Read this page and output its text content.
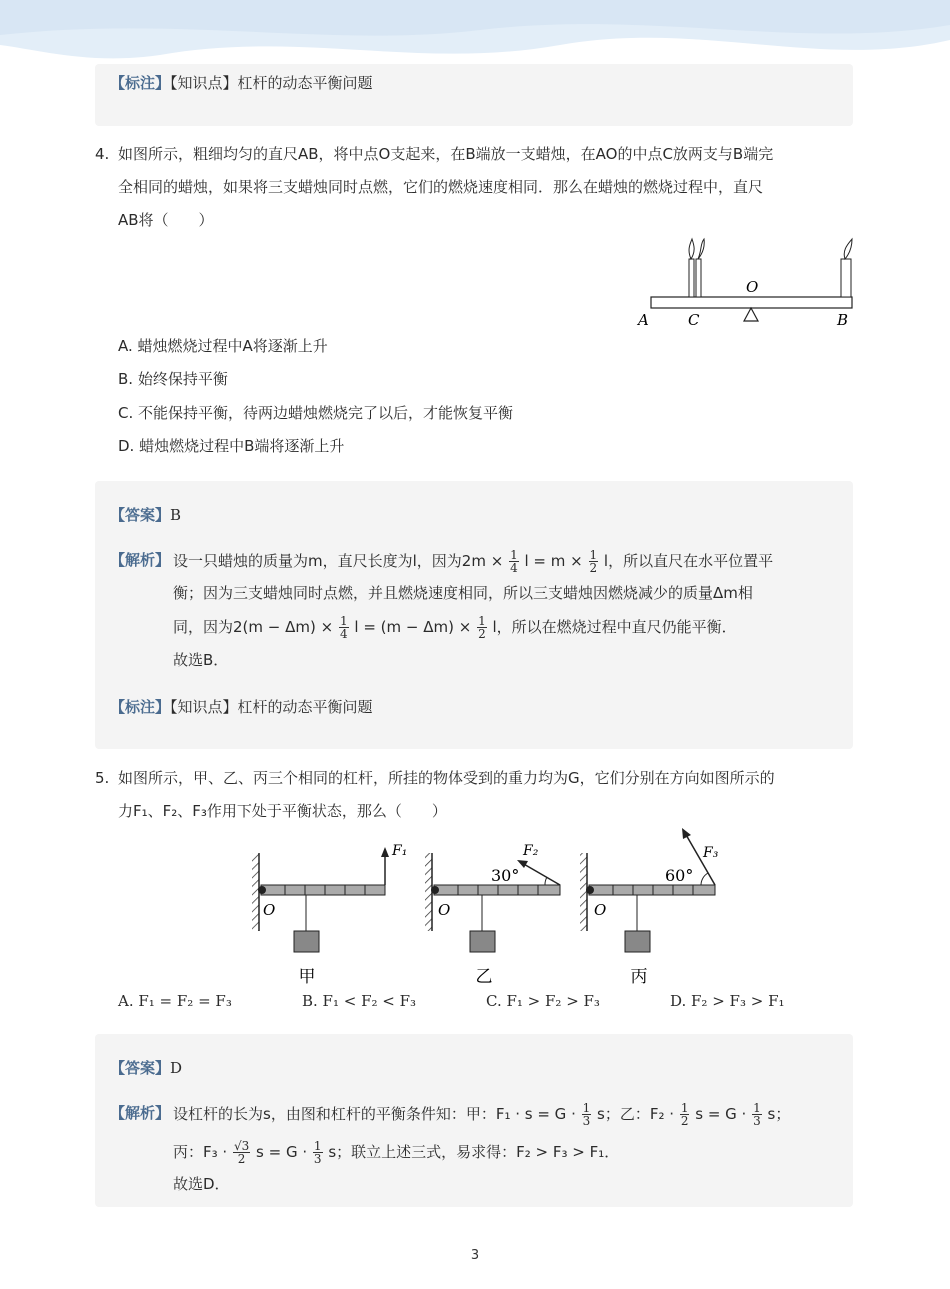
【标注】【知识点】杠杆的动态平衡问题
4. 如图所示，粗细均匀的直尺AB，将中点O支起来，在B端放一支蜡烛，在AO的中点C放两支与B端完
全相同的蜡烛，如果将三支蜡烛同时点燃，它们的燃烧速度相同．那么在蜡烛的燃烧过程中，直尺
AB将（　　）
A	C
O
B
A. 蜡烛燃烧过程中A将逐渐上升
B. 始终保持平衡
C. 不能保持平衡，待两边蜡烛燃烧完了以后，才能恢复平衡
D. 蜡烛燃烧过程中B端将逐渐上升
【答案】B
【解析】 设一只蜡烛的质量为m，直尺长度为l，因为$2m \times \frac{1}{4}$ $l = m \times \frac{1}{2}$ l，所以直尺在水平位置平
衡；因为三支蜡烛同时点燃，并且燃烧速度相同，所以三支蜡烛因燃烧减少的质量Δm相
同，因为$2(m - \Delta m) \times \frac{1}{4}$ $l = (m - \Delta m) \times \frac{1}{2}$ l，所以在燃烧过程中直尺仍能平衡．
故选B．
【标注】【知识点】杠杆的动态平衡问题
5. 如图所示，甲、乙、丙三个相同的杠杆，所挂的物体受到的重力均为G，它们分别在方向如图所示的
力F₁、F₂、F₃作用下处于平衡状态，那么（　　）
F₁
O
甲
30°
F₂
O
乙
60°
F₃
O
丙
A. F₁ = F₂ = F₃	B. F₁ < F₂ < F₃	C. F₁ > F₂ > F₃	D. F₂ > F₃ > F₁
【答案】D
【解析】 设杠杆的长为s，由图和杠杆的平衡条件知：甲：$F_1 \cdot s = G \cdot \frac{1}{3}$ s；乙：$F_2 \cdot \frac{1}{2}$ $s = G \cdot \frac{1}{3}$ s；
丙：$F_3 \cdot \frac{√3}{2}$ $s = G \cdot \frac{1}{3}$ s；联立上述三式，易求得：F₂ > F₃ > F₁．
故选D．
3
